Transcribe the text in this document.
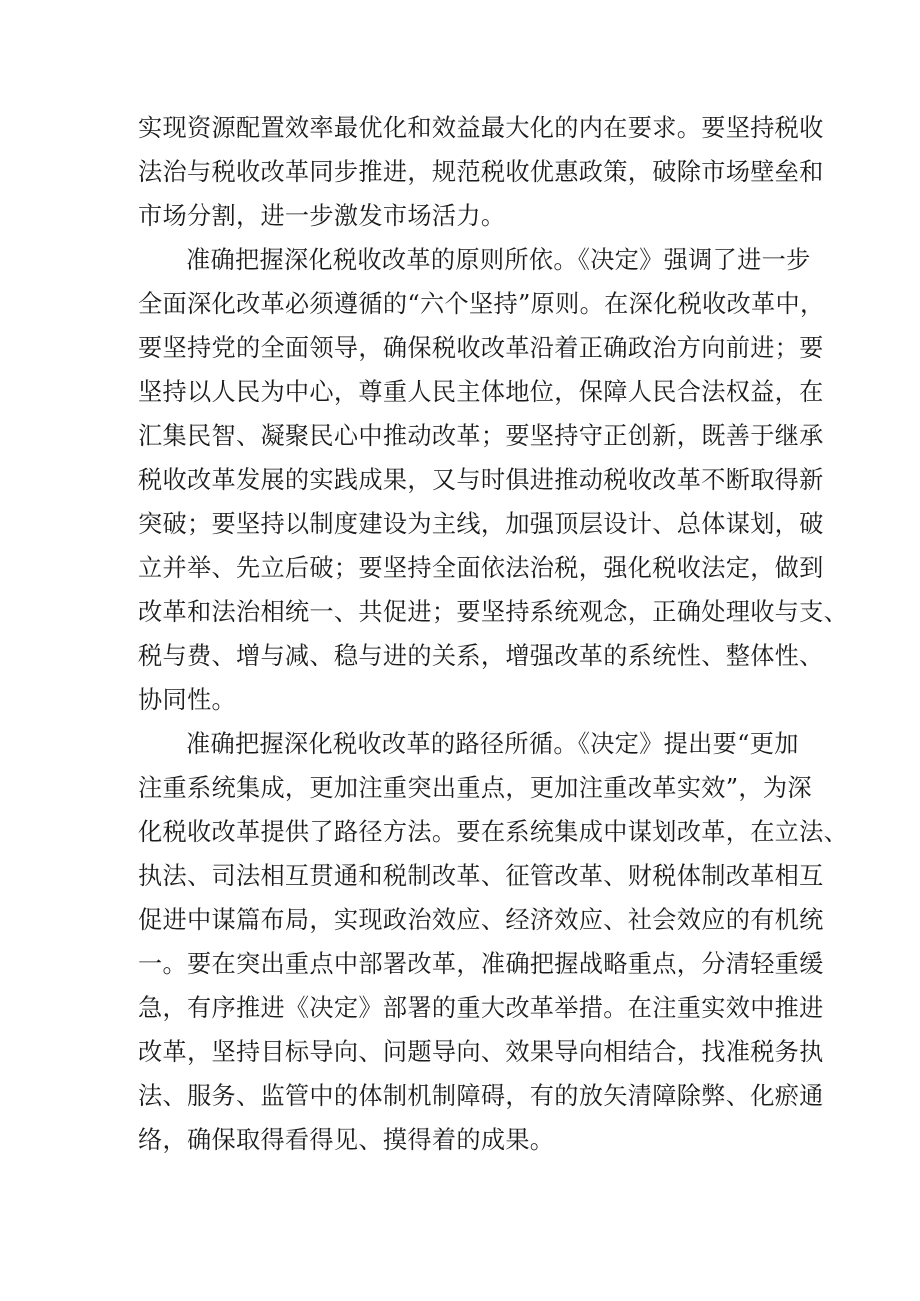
实现资源配置效率最优化和效益最大化的内在要求。要坚持税收
法治与税收改革同步推进，规范税收优惠政策，破除市场壁垒和
市场分割，进一步激发市场活力。
准确把握深化税收改革的原则所依。《决定》强调了进一步
全面深化改革必须遵循的“六个坚持”原则。在深化税收改革中，
要坚持党的全面领导，确保税收改革沿着正确政治方向前进；要
坚持以人民为中心，尊重人民主体地位，保障人民合法权益，在
汇集民智、凝聚民心中推动改革；要坚持守正创新，既善于继承
税收改革发展的实践成果，又与时俱进推动税收改革不断取得新
突破；要坚持以制度建设为主线，加强顶层设计、总体谋划，破
立并举、先立后破；要坚持全面依法治税，强化税收法定，做到
改革和法治相统一、共促进；要坚持系统观念，正确处理收与支、
税与费、增与减、稳与进的关系，增强改革的系统性、整体性、
协同性。
准确把握深化税收改革的路径所循。《决定》提出要“更加
注重系统集成，更加注重突出重点，更加注重改革实效”，为深
化税收改革提供了路径方法。要在系统集成中谋划改革，在立法、
执法、司法相互贯通和税制改革、征管改革、财税体制改革相互
促进中谋篇布局，实现政治效应、经济效应、社会效应的有机统
一。要在突出重点中部署改革，准确把握战略重点，分清轻重缓
急，有序推进《决定》部署的重大改革举措。在注重实效中推进
改革，坚持目标导向、问题导向、效果导向相结合，找准税务执
法、服务、监管中的体制机制障碍，有的放矢清障除弊、化瘀通
络，确保取得看得见、摸得着的成果。
